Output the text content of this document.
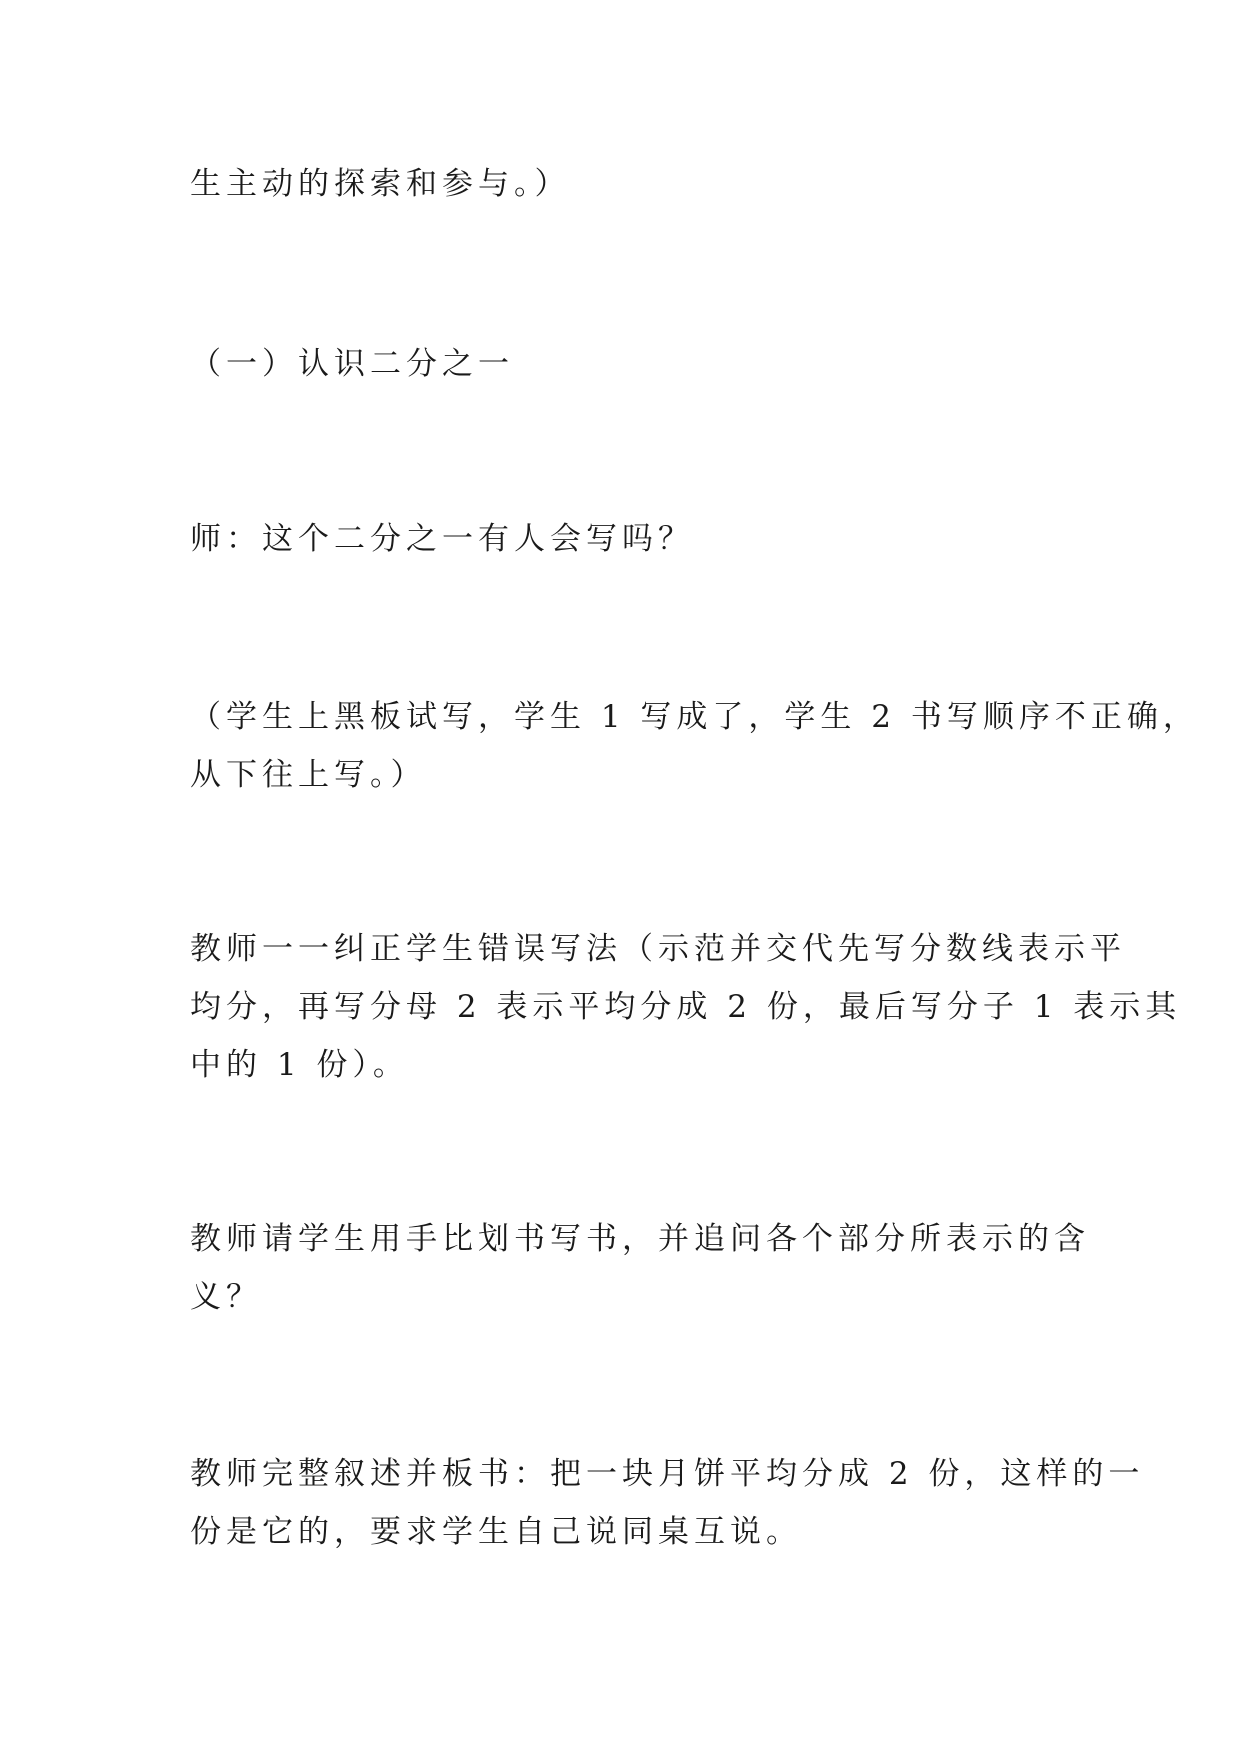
生主动的探索和参与。）

（一）认识二分之一

师：这个二分之一有人会写吗？

（学生上黑板试写，学生 1 写成了，学生 2 书写顺序不正确，
从下往上写。）

教师一一纠正学生错误写法（示范并交代先写分数线表示平
均分，再写分母 2 表示平均分成 2 份，最后写分子 1 表示其
中的 1 份）。

教师请学生用手比划书写书，并追问各个部分所表示的含
义？

教师完整叙述并板书：把一块月饼平均分成 2 份，这样的一
份是它的，要求学生自己说同桌互说。
